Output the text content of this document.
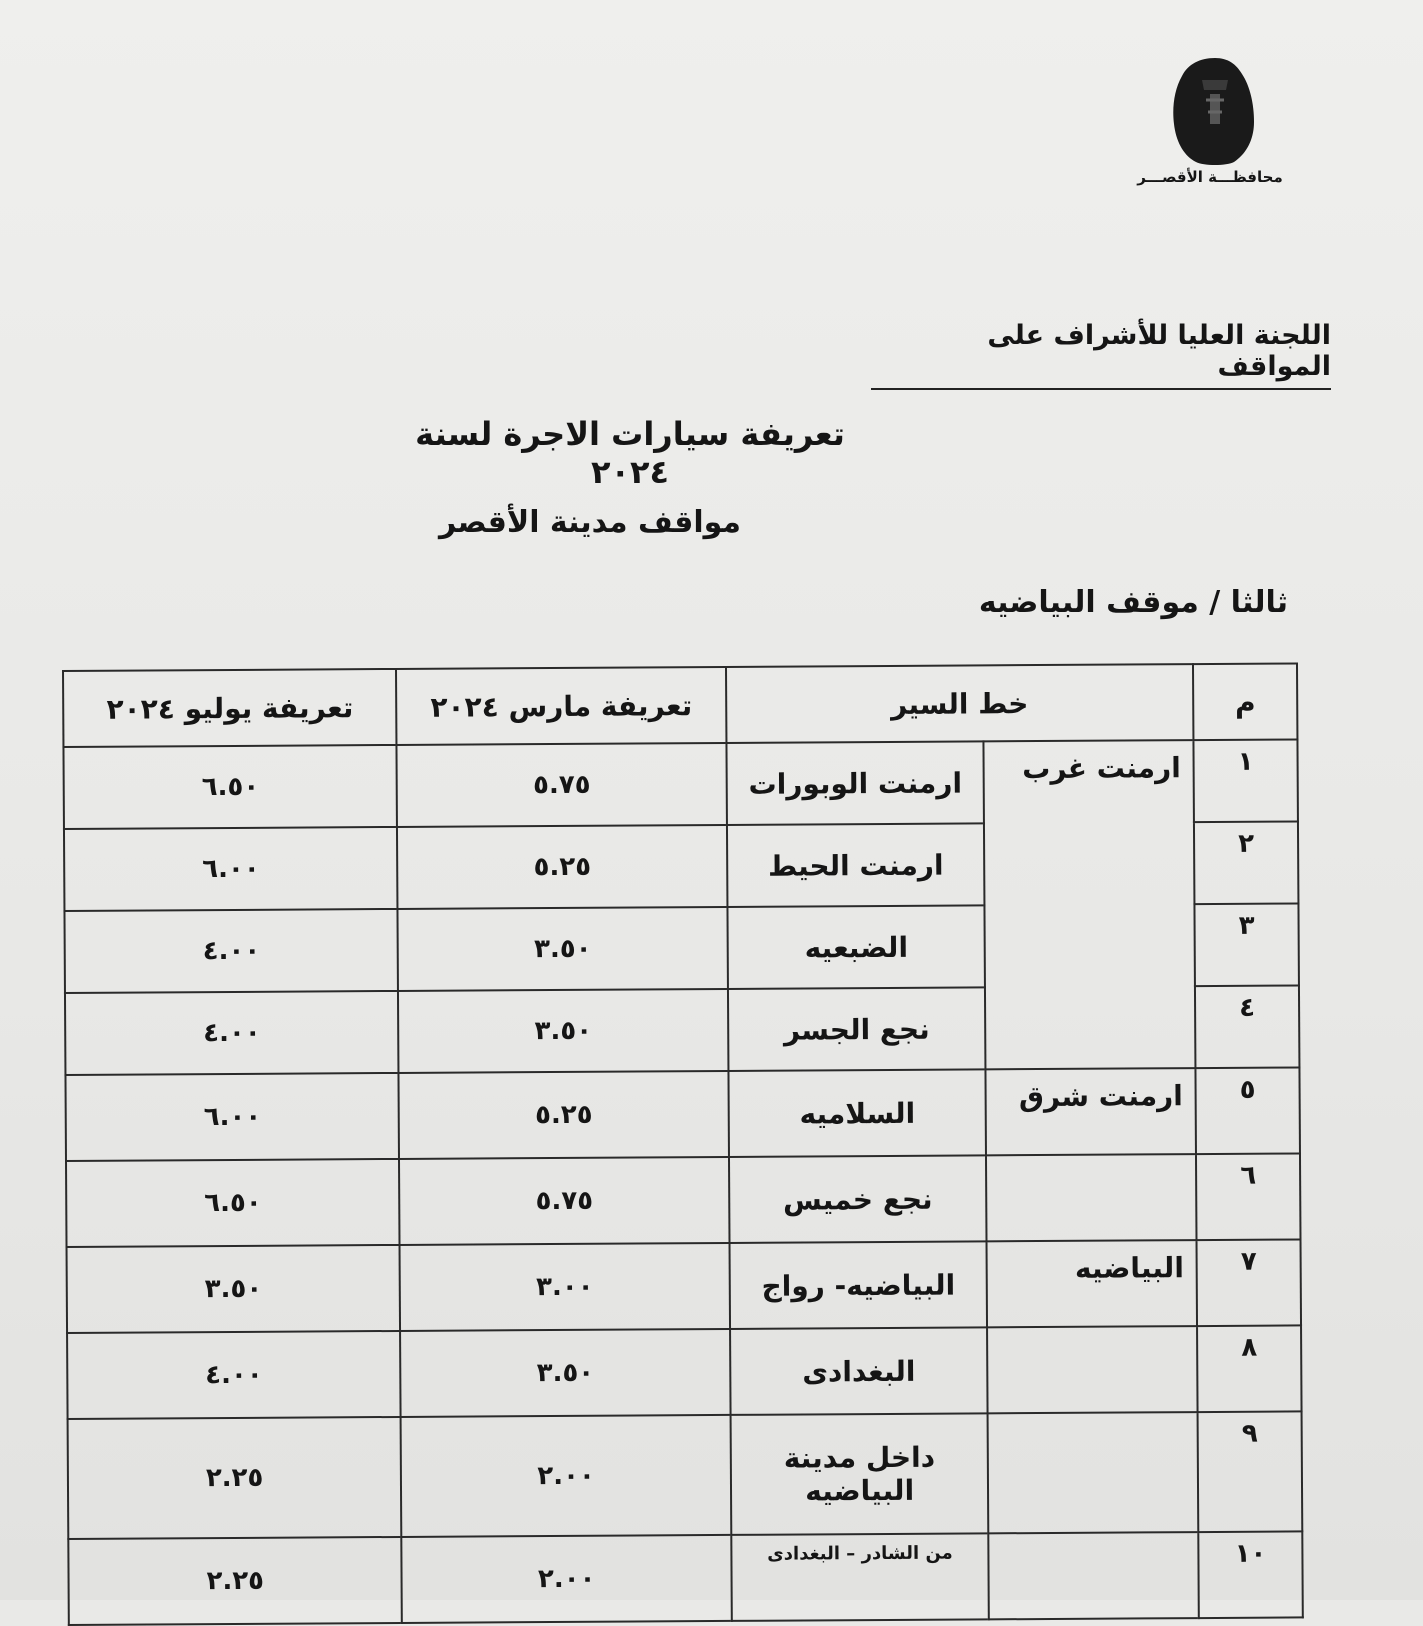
محافظـــة الأقصـــر
اللجنة العليا للأشراف على المواقف
تعريفة سيارات الاجرة لسنة ٢٠٢٤
مواقف مدينة الأقصر
ثالثا / موقف البياضيه
م	خط السير		تعريفة مارس ٢٠٢٤	تعريفة يوليو ٢٠٢٤
١	ارمنت غرب	ارمنت الوبورات	٥.٧٥	٦.٥٠
٢		ارمنت الحيط	٥.٢٥	٦.٠٠
٣		الضبعيه	٣.٥٠	٤.٠٠
٤		نجع الجسر	٣.٥٠	٤.٠٠
٥	ارمنت شرق	السلاميه	٥.٢٥	٦.٠٠
٦		نجع خميس	٥.٧٥	٦.٥٠
٧	البياضيه	البياضيه- رواج	٣.٠٠	٣.٥٠
٨		البغدادى	٣.٥٠	٤.٠٠
٩		داخل مدينة البياضيه	٢.٠٠	٢.٢٥
١٠		من الشادر – البغدادى	٢.٠٠	٢.٢٥
